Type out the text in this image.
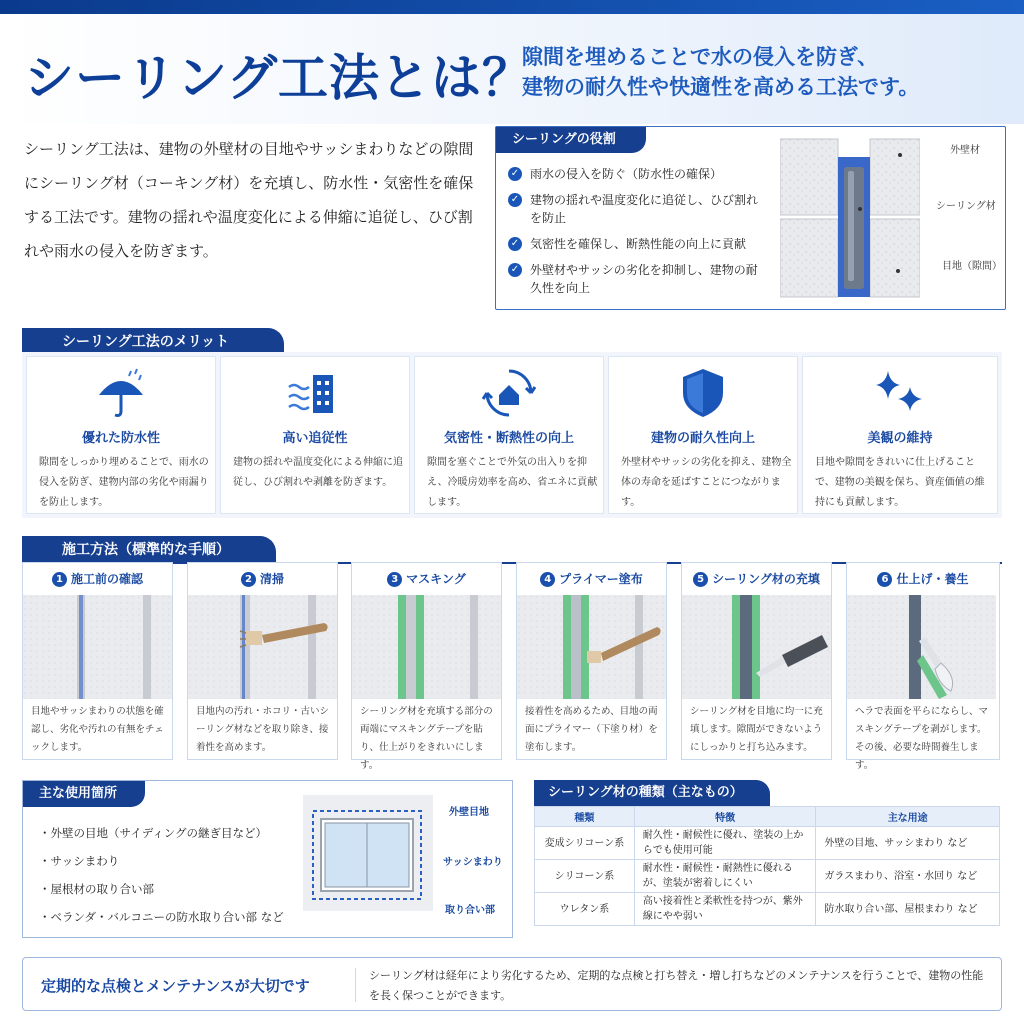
シーリング工法とは？
隙間を埋めることで水の侵入を防ぎ、
建物の耐久性や快適性を高める工法です。

シーリング工法は、建物の外壁材の目地やサッシまわりなどの隙間にシーリング材（コーキング材）を充填し、防水性・気密性を確保する工法です。建物の揺れや温度変化による伸縮に追従し、ひび割れや雨水の侵入を防ぎます。

シーリングの役割
✓ 雨水の侵入を防ぐ（防水性の確保）
✓ 建物の揺れや温度変化に追従し、ひび割れを防止
✓ 気密性を確保し、断熱性能の向上に貢献
✓ 外壁材やサッシの劣化を抑制し、建物の耐久性を向上
外壁材
シーリング材
目地（隙間）
シーリング工法のメリット
優れた防水性
隙間をしっかり埋めることで、雨水の侵入を防ぎ、建物内部の劣化や雨漏りを防止します。
高い追従性
建物の揺れや温度変化による伸縮に追従し、ひび割れや剥離を防ぎます。
気密性・断熱性の向上
隙間を塞ぐことで外気の出入りを抑え、冷暖房効率を高め、省エネに貢献します。
建物の耐久性向上
外壁材やサッシの劣化を抑え、建物全体の寿命を延ばすことにつながります。
美観の維持
目地や隙間をきれいに仕上げることで、建物の美観を保ち、資産価値の維持にも貢献します。
施工方法（標準的な手順）
1 施工前の確認
目地やサッシまわりの状態を確認し、劣化や汚れの有無をチェックします。
2 清掃
目地内の汚れ・ホコリ・古いシーリング材などを取り除き、接着性を高めます。
3 マスキング
シーリング材を充填する部分の両端にマスキングテープを貼り、仕上がりをきれいにします。
4 プライマー塗布
接着性を高めるため、目地の両面にプライマー（下塗り材）を塗布します。
5 シーリング材の充填
シーリング材を目地に均一に充填します。隙間ができないようにしっかりと打ち込みます。
6 仕上げ・養生
ヘラで表面を平らにならし、マスキングテープを剥がします。その後、必要な時間養生します。
主な使用箇所
・外壁の目地（サイディングの継ぎ目など）
・サッシまわり
・屋根材の取り合い部
・ベランダ・バルコニーの防水取り合い部 など
外壁目地
サッシまわり
取り合い部
シーリング材の種類（主なもの）
種類	特徴	主な用途
変成シリコーン系	耐久性・耐候性に優れ、塗装の上からでも使用可能	外壁の目地、サッシまわり など
シリコーン系	耐水性・耐候性・耐熱性に優れるが、塗装が密着しにくい	ガラスまわり、浴室・水回り など
ウレタン系	高い接着性と柔軟性を持つが、紫外線にやや弱い	防水取り合い部、屋根まわり など
定期的な点検とメンテナンスが大切です
シーリング材は経年により劣化するため、定期的な点検と打ち替え・増し打ちなどのメンテナンスを行うことで、建物の性能を長く保つことができます。
